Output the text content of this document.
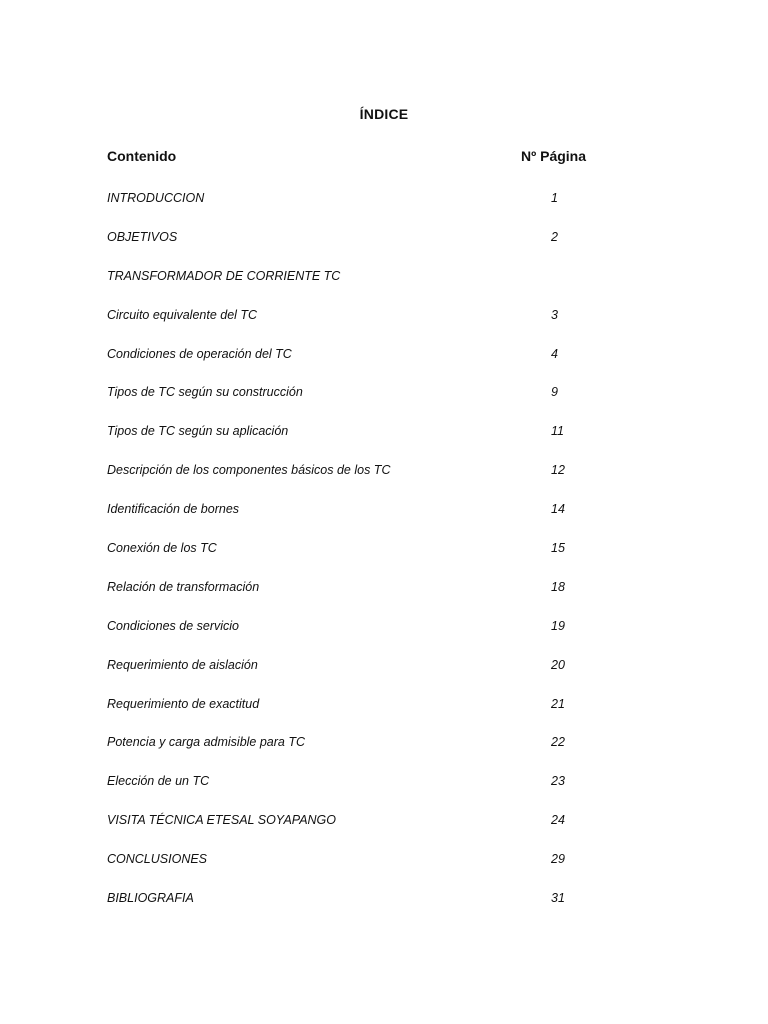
ÍNDICE
Contenido	Nº Página
INTRODUCCION	1
OBJETIVOS	2
TRANSFORMADOR DE CORRIENTE TC
Circuito equivalente del TC	3
Condiciones de operación del TC	4
Tipos de TC según su construcción	9
Tipos de TC según su aplicación	11
Descripción de los componentes básicos de los TC	12
Identificación de bornes	14
Conexión de los TC	15
Relación de transformación	18
Condiciones de servicio	19
Requerimiento de aislación	20
Requerimiento de exactitud	21
Potencia y carga admisible para TC	22
Elección de un TC	23
VISITA TÉCNICA ETESAL SOYAPANGO	24
CONCLUSIONES	29
BIBLIOGRAFIA	31
